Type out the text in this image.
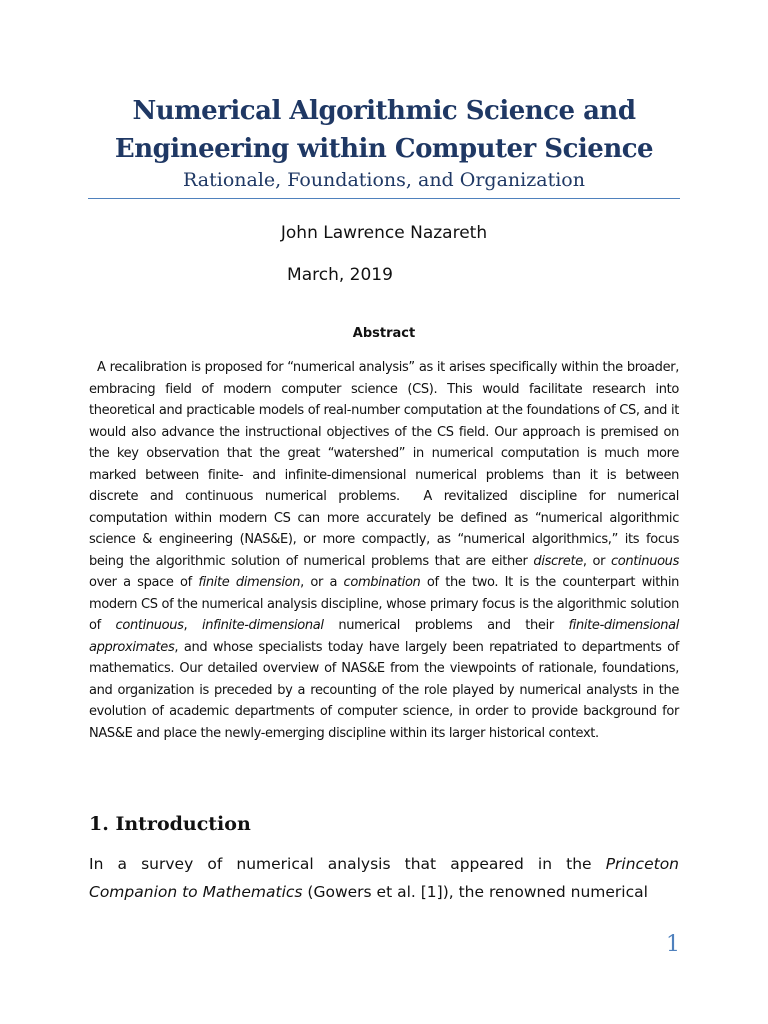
Numerical Algorithmic Science and
Engineering within Computer Science
Rationale, Foundations, and Organization
John Lawrence Nazareth
March, 2019
Abstract

A recalibration is proposed for “numerical analysis” as it arises specifically within the broader, embracing field of modern computer science (CS). This would facilitate research into theoretical and practicable models of real-number computation at the foundations of CS, and it would also advance the instructional objectives of the CS field. Our approach is premised on the key observation that the great “watershed” in numerical computation is much more marked between finite- and infinite-dimensional numerical problems than it is between discrete and continuous numerical problems.  A revitalized discipline for numerical computation within modern CS can more accurately be defined as “numerical algorithmic science & engineering (NAS&E), or more compactly, as “numerical algorithmics,” its focus being the algorithmic solution of numerical problems that are either discrete, or continuous over a space of finite dimension, or a combination of the two. It is the counterpart within modern CS of the numerical analysis discipline, whose primary focus is the algorithmic solution of continuous, infinite-dimensional numerical problems and their finite-dimensional approximates, and whose specialists today have largely been repatriated to departments of mathematics. Our detailed overview of NAS&E from the viewpoints of rationale, foundations, and organization is preceded by a recounting of the role played by numerical analysts in the evolution of academic departments of computer science, in order to provide background for NAS&E and place the newly-emerging discipline within its larger historical context.

1. Introduction

In a survey of numerical analysis that appeared in the Princeton Companion to Mathematics (Gowers et al. [1]), the renowned numerical

1
